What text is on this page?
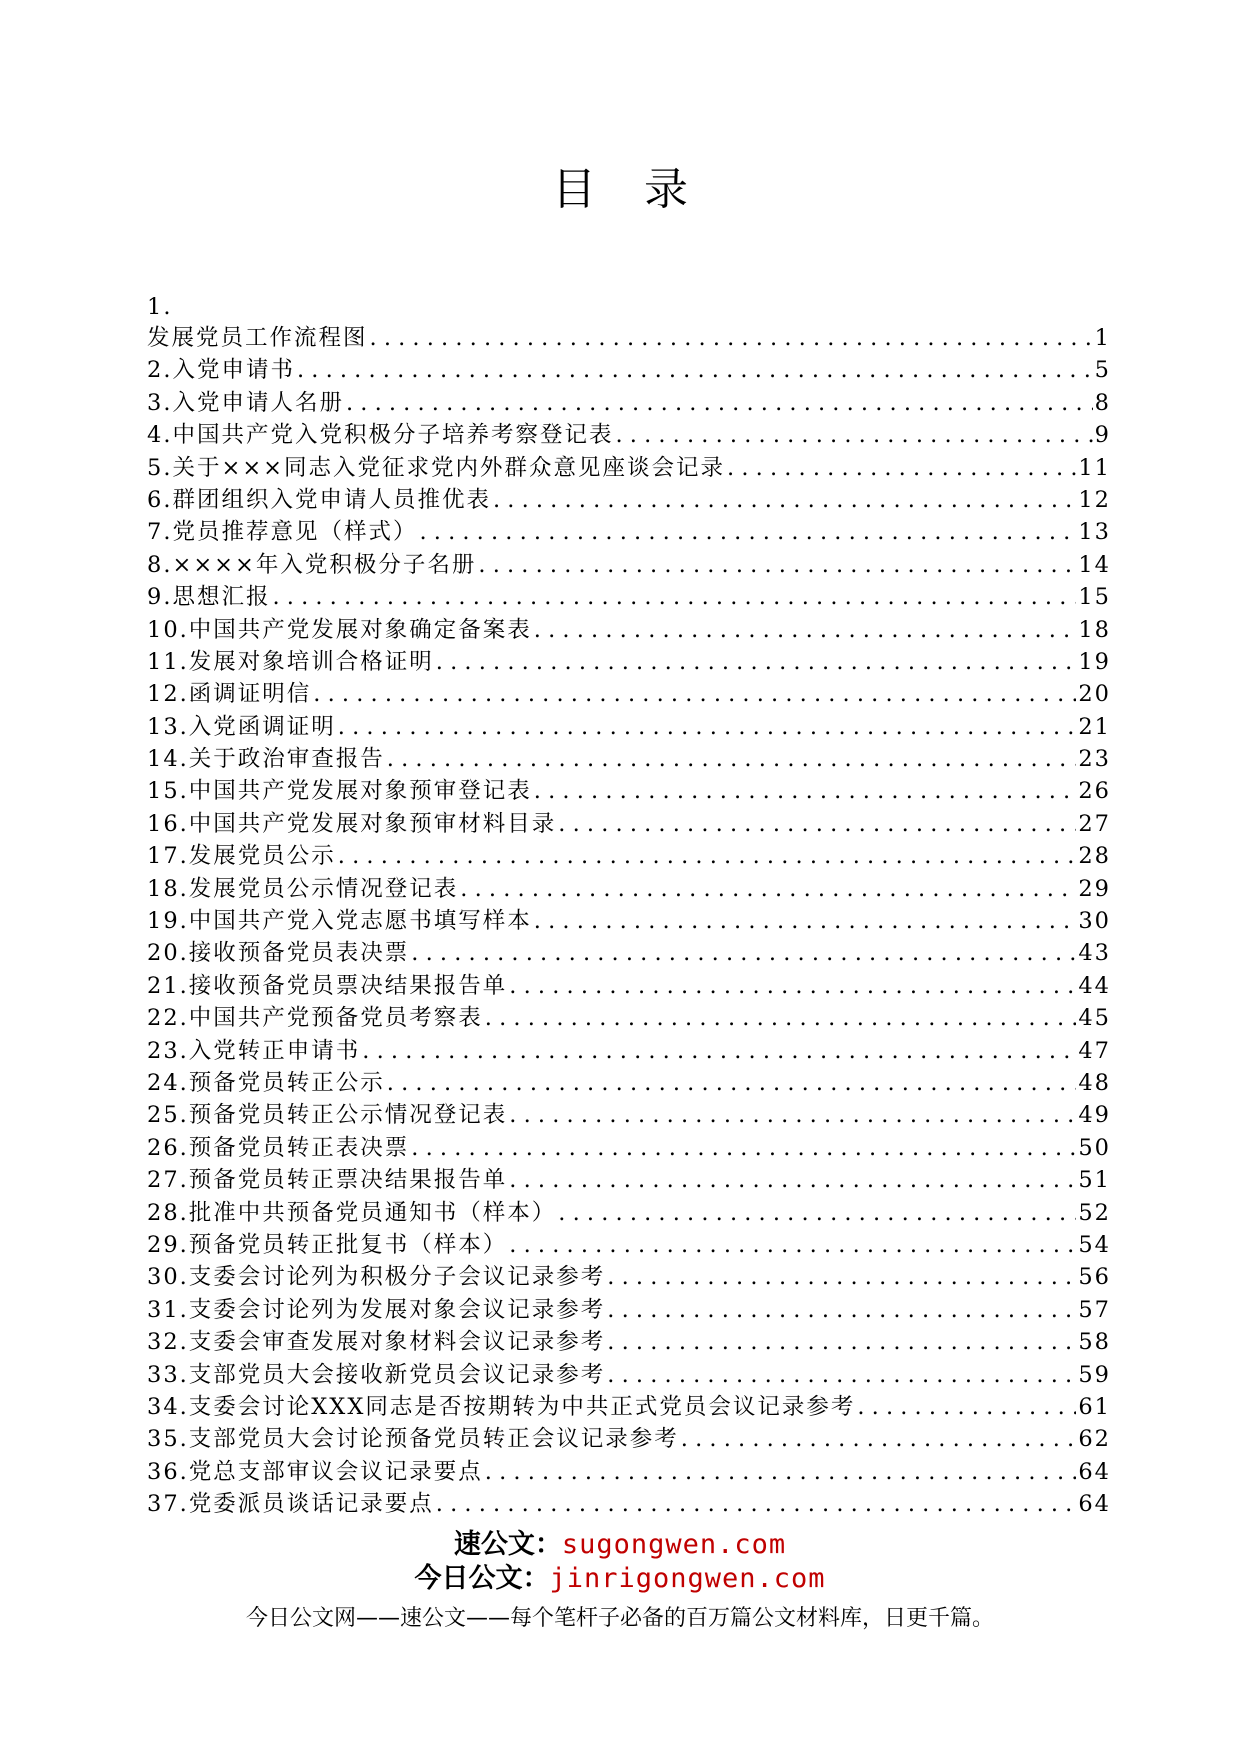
目录
1.
发展党员工作流程图 . . .	1
2.入党申请书 . . .	5
3.入党申请人名册 . . .	8
4.中国共产党入党积极分子培养考察登记表 . . .	9
5.关于×××同志入党征求党内外群众意见座谈会记录 . . .	11
6.群团组织入党申请人员推优表 . . .	12
7.党员推荐意见（样式） . . .	13
8.××××年入党积极分子名册 . . .	14
9.思想汇报 . . .	15
10.中国共产党发展对象确定备案表 . . .	18
11.发展对象培训合格证明 . . .	19
12.函调证明信 . . .	20
13.入党函调证明 . . .	21
14.关于政治审查报告 . . .	23
15.中国共产党发展对象预审登记表 . . .	26
16.中国共产党发展对象预审材料目录 . . .	27
17.发展党员公示 . . .	28
18.发展党员公示情况登记表 . . .	29
19.中国共产党入党志愿书填写样本 . . .	30
20.接收预备党员表决票 . . .	43
21.接收预备党员票决结果报告单 . . .	44
22.中国共产党预备党员考察表 . . .	45
23.入党转正申请书 . . .	47
24.预备党员转正公示 . . .	48
25.预备党员转正公示情况登记表 . . .	49
26.预备党员转正表决票 . . .	50
27.预备党员转正票决结果报告单 . . .	51
28.批准中共预备党员通知书（样本） . . .	52
29.预备党员转正批复书（样本） . . .	54
30.支委会讨论列为积极分子会议记录参考 . . .	56
31.支委会讨论列为发展对象会议记录参考 . . .	57
32.支委会审查发展对象材料会议记录参考 . . .	58
33.支部党员大会接收新党员会议记录参考 . . .	59
34.支委会讨论XXX同志是否按期转为中共正式党员会议记录参考 . . .	61
35.支部党员大会讨论预备党员转正会议记录参考 . . .	62
36.党总支部审议会议记录要点 . . .	64
37.党委派员谈话记录要点 . . .	64
速公文：sugongwen.com
今日公文：jinrigongwen.com
今日公文网——速公文——每个笔杆子必备的百万篇公文材料库，日更千篇。
